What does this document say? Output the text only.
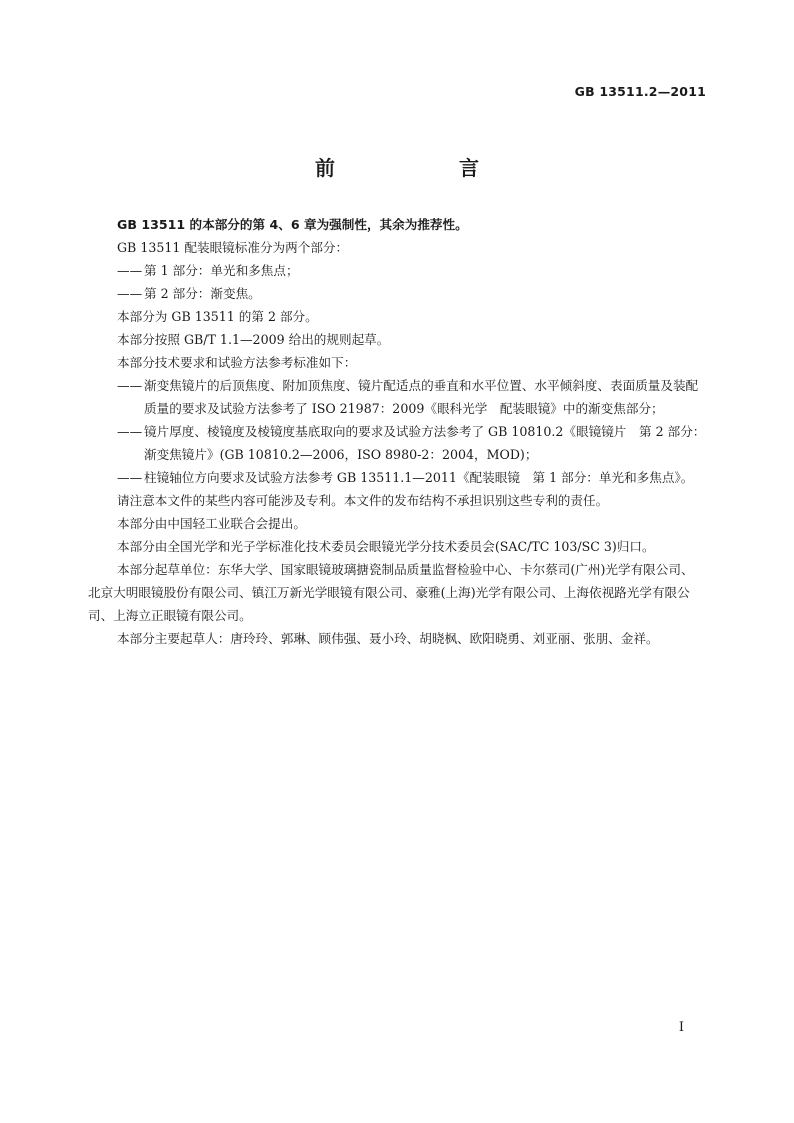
GB 13511.2—2011
前　言

GB 13511 的本部分的第 4、6 章为强制性，其余为推荐性。

GB 13511 配装眼镜标准分为两个部分：

—— 第 1 部分：单光和多焦点；

—— 第 2 部分：渐变焦。

本部分为 GB 13511 的第 2 部分。

本部分按照 GB/T 1.1—2009 给出的规则起草。

本部分技术要求和试验方法参考标准如下：

—— 渐变焦镜片的后顶焦度、附加顶焦度、镜片配适点的垂直和水平位置、水平倾斜度、表面质量及装配质量的要求及试验方法参考了 ISO 21987：2009《眼科光学　配装眼镜》中的渐变焦部分；

—— 镜片厚度、棱镜度及棱镜度基底取向的要求及试验方法参考了 GB 10810.2《眼镜镜片　第 2 部分：渐变焦镜片》(GB 10810.2—2006，ISO 8980-2：2004，MOD)；

—— 柱镜轴位方向要求及试验方法参考 GB 13511.1—2011《配装眼镜　第 1 部分：单光和多焦点》。

请注意本文件的某些内容可能涉及专利。本文件的发布结构不承担识别这些专利的责任。

本部分由中国轻工业联合会提出。

本部分由全国光学和光子学标准化技术委员会眼镜光学分技术委员会(SAC/TC 103/SC 3)归口。

本部分起草单位：东华大学、国家眼镜玻璃搪瓷制品质量监督检验中心、卡尔蔡司(广州)光学有限公司、北京大明眼镜股份有限公司、镇江万新光学眼镜有限公司、豪雅(上海)光学有限公司、上海依视路光学有限公司、上海立正眼镜有限公司。

本部分主要起草人：唐玲玲、郭琳、顾伟强、聂小玲、胡晓枫、欧阳晓勇、刘亚丽、张朋、金祥。

I
